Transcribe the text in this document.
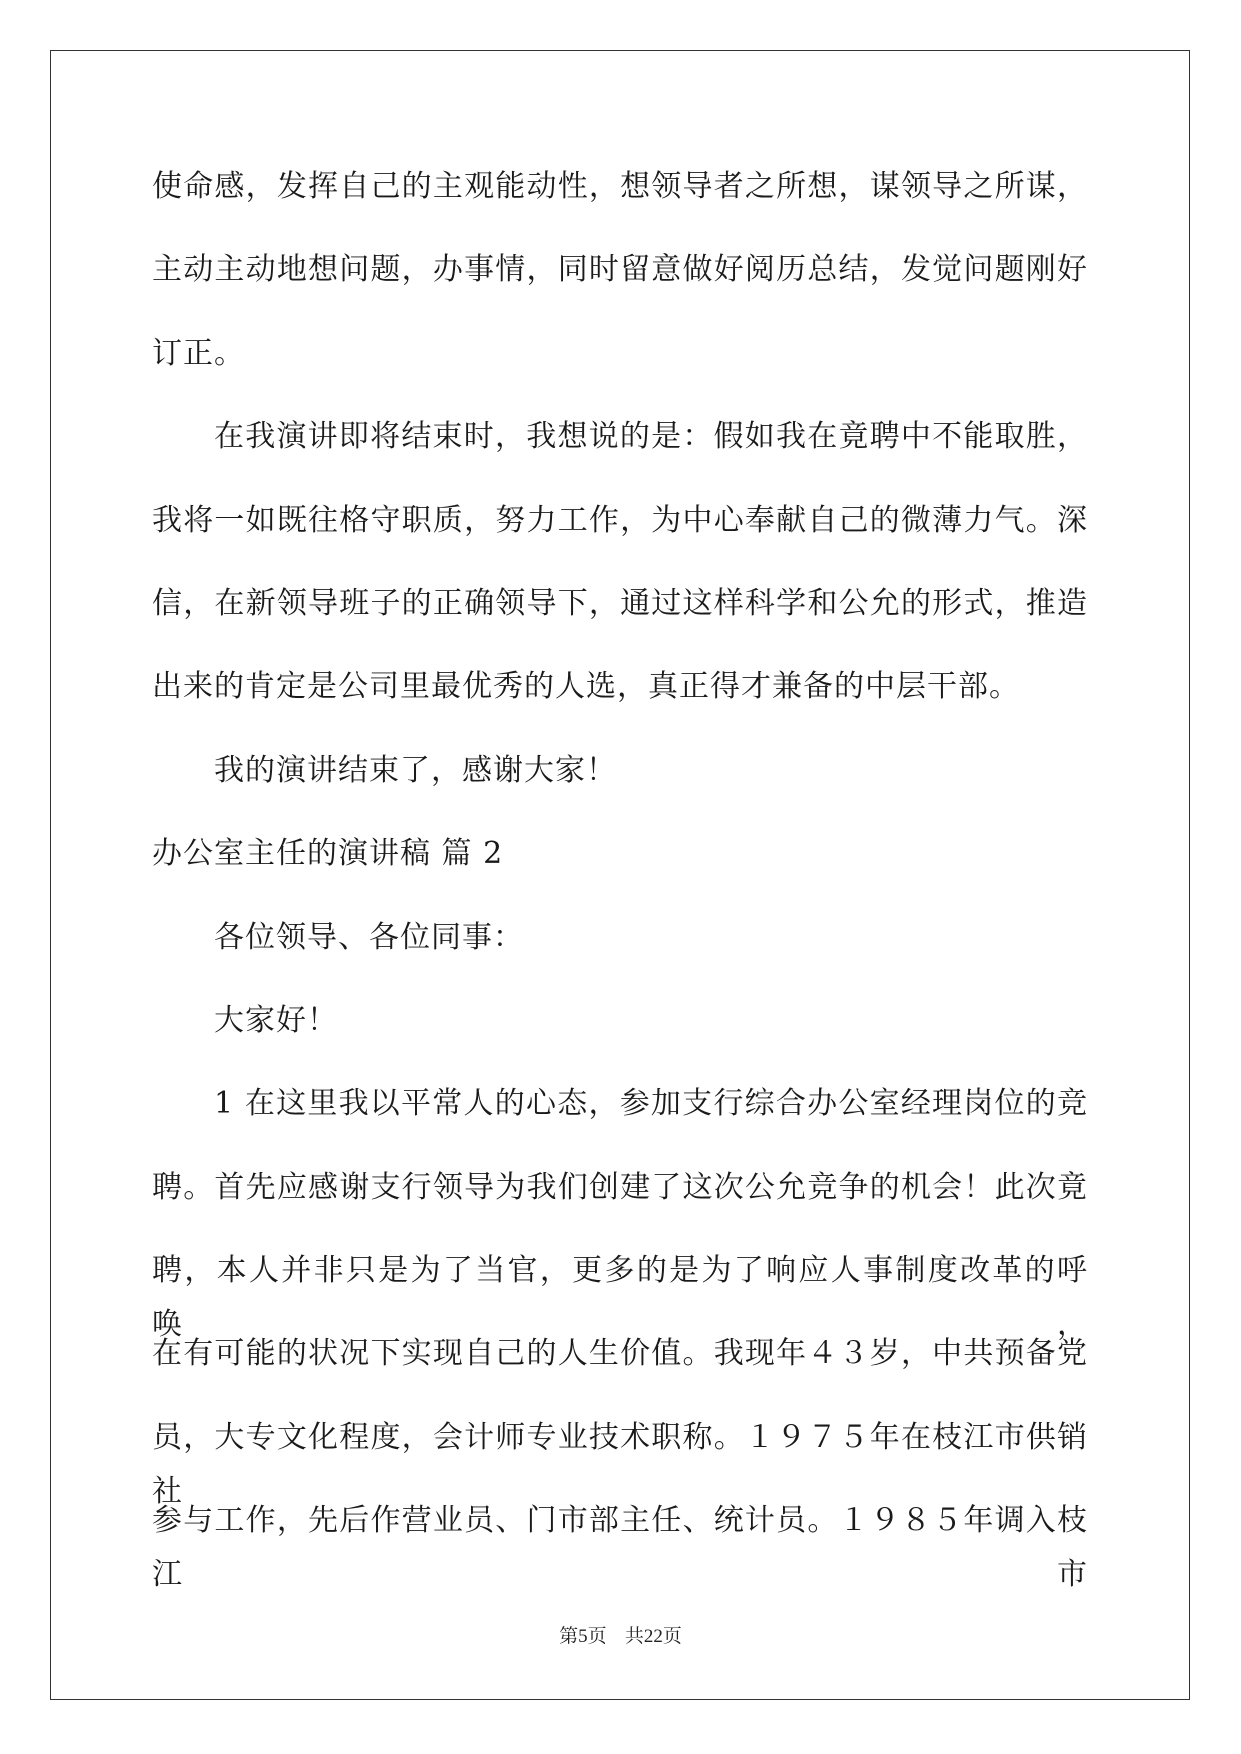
使命感，发挥自己的主观能动性，想领导者之所想，谋领导之所谋，
主动主动地想问题，办事情，同时留意做好阅历总结，发觉问题刚好
订正。
在我演讲即将结束时，我想说的是：假如我在竟聘中不能取胜，
我将一如既往格守职质，努力工作，为中心奉献自己的微薄力气。深
信，在新领导班子的正确领导下，通过这样科学和公允的形式，推造
出来的肯定是公司里最优秀的人选，真正得才兼备的中层干部。
我的演讲结束了，感谢大家！
办公室主任的演讲稿 篇 2
各位领导、各位同事：
大家好！
1 在这里我以平常人的心态，参加支行综合办公室经理岗位的竞
聘。首先应感谢支行领导为我们创建了这次公允竞争的机会！此次竟
聘，本人并非只是为了当官，更多的是为了响应人事制度改革的呼唤，
在有可能的状况下实现自己的人生价值。我现年４３岁，中共预备党
员，大专文化程度，会计师专业技术职称。１９７５年在枝江市供销社
参与工作，先后作营业员、门市部主任、统计员。１９８５年调入枝江市
第5页 共22页
